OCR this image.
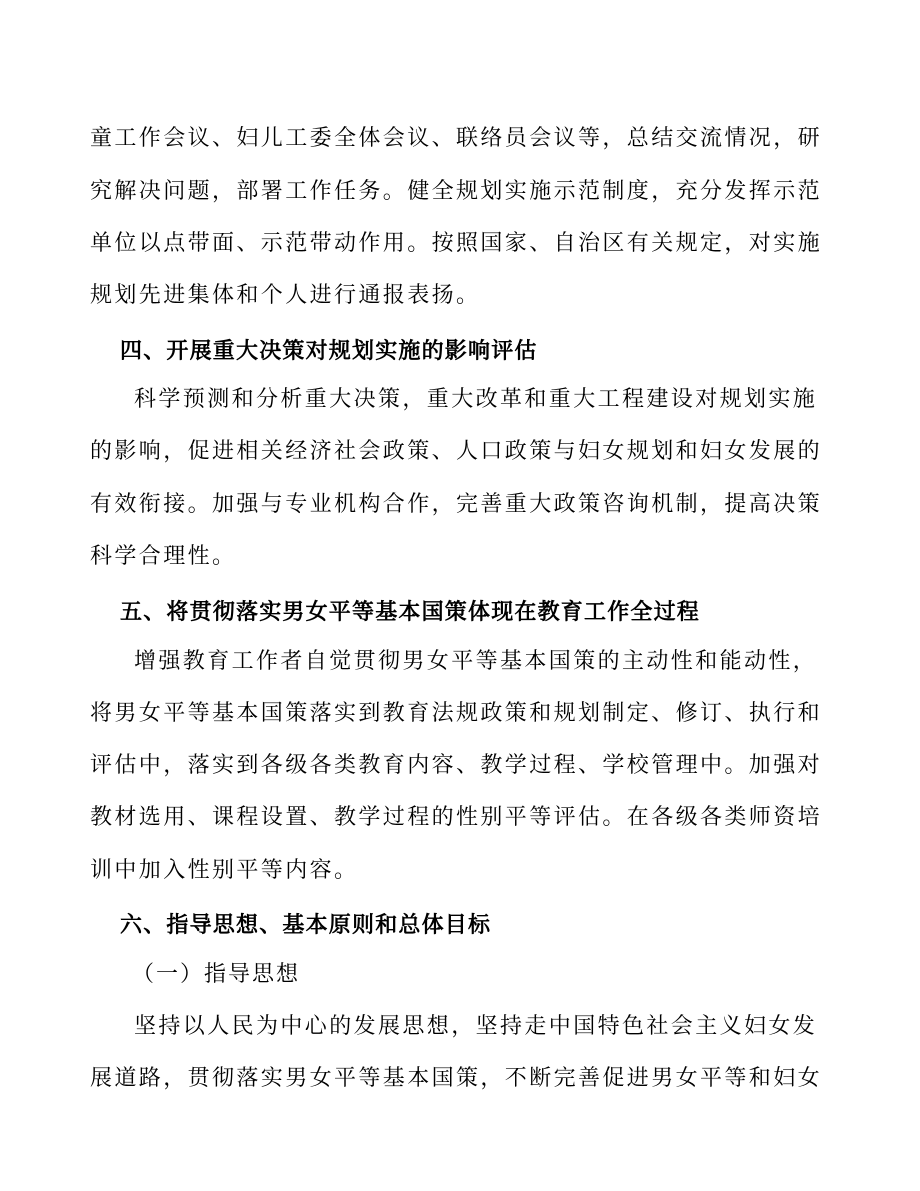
童工作会议、妇儿工委全体会议、联络员会议等，总结交流情况，研
究解决问题，部署工作任务。健全规划实施示范制度，充分发挥示范
单位以点带面、示范带动作用。按照国家、自治区有关规定，对实施
规划先进集体和个人进行通报表扬。
四、开展重大决策对规划实施的影响评估
科学预测和分析重大决策，重大改革和重大工程建设对规划实施
的影响，促进相关经济社会政策、人口政策与妇女规划和妇女发展的
有效衔接。加强与专业机构合作，完善重大政策咨询机制，提高决策
科学合理性。
五、将贯彻落实男女平等基本国策体现在教育工作全过程
增强教育工作者自觉贯彻男女平等基本国策的主动性和能动性，
将男女平等基本国策落实到教育法规政策和规划制定、修订、执行和
评估中，落实到各级各类教育内容、教学过程、学校管理中。加强对
教材选用、课程设置、教学过程的性别平等评估。在各级各类师资培
训中加入性别平等内容。
六、指导思想、基本原则和总体目标
（一）指导思想
坚持以人民为中心的发展思想，坚持走中国特色社会主义妇女发
展道路，贯彻落实男女平等基本国策，不断完善促进男女平等和妇女
